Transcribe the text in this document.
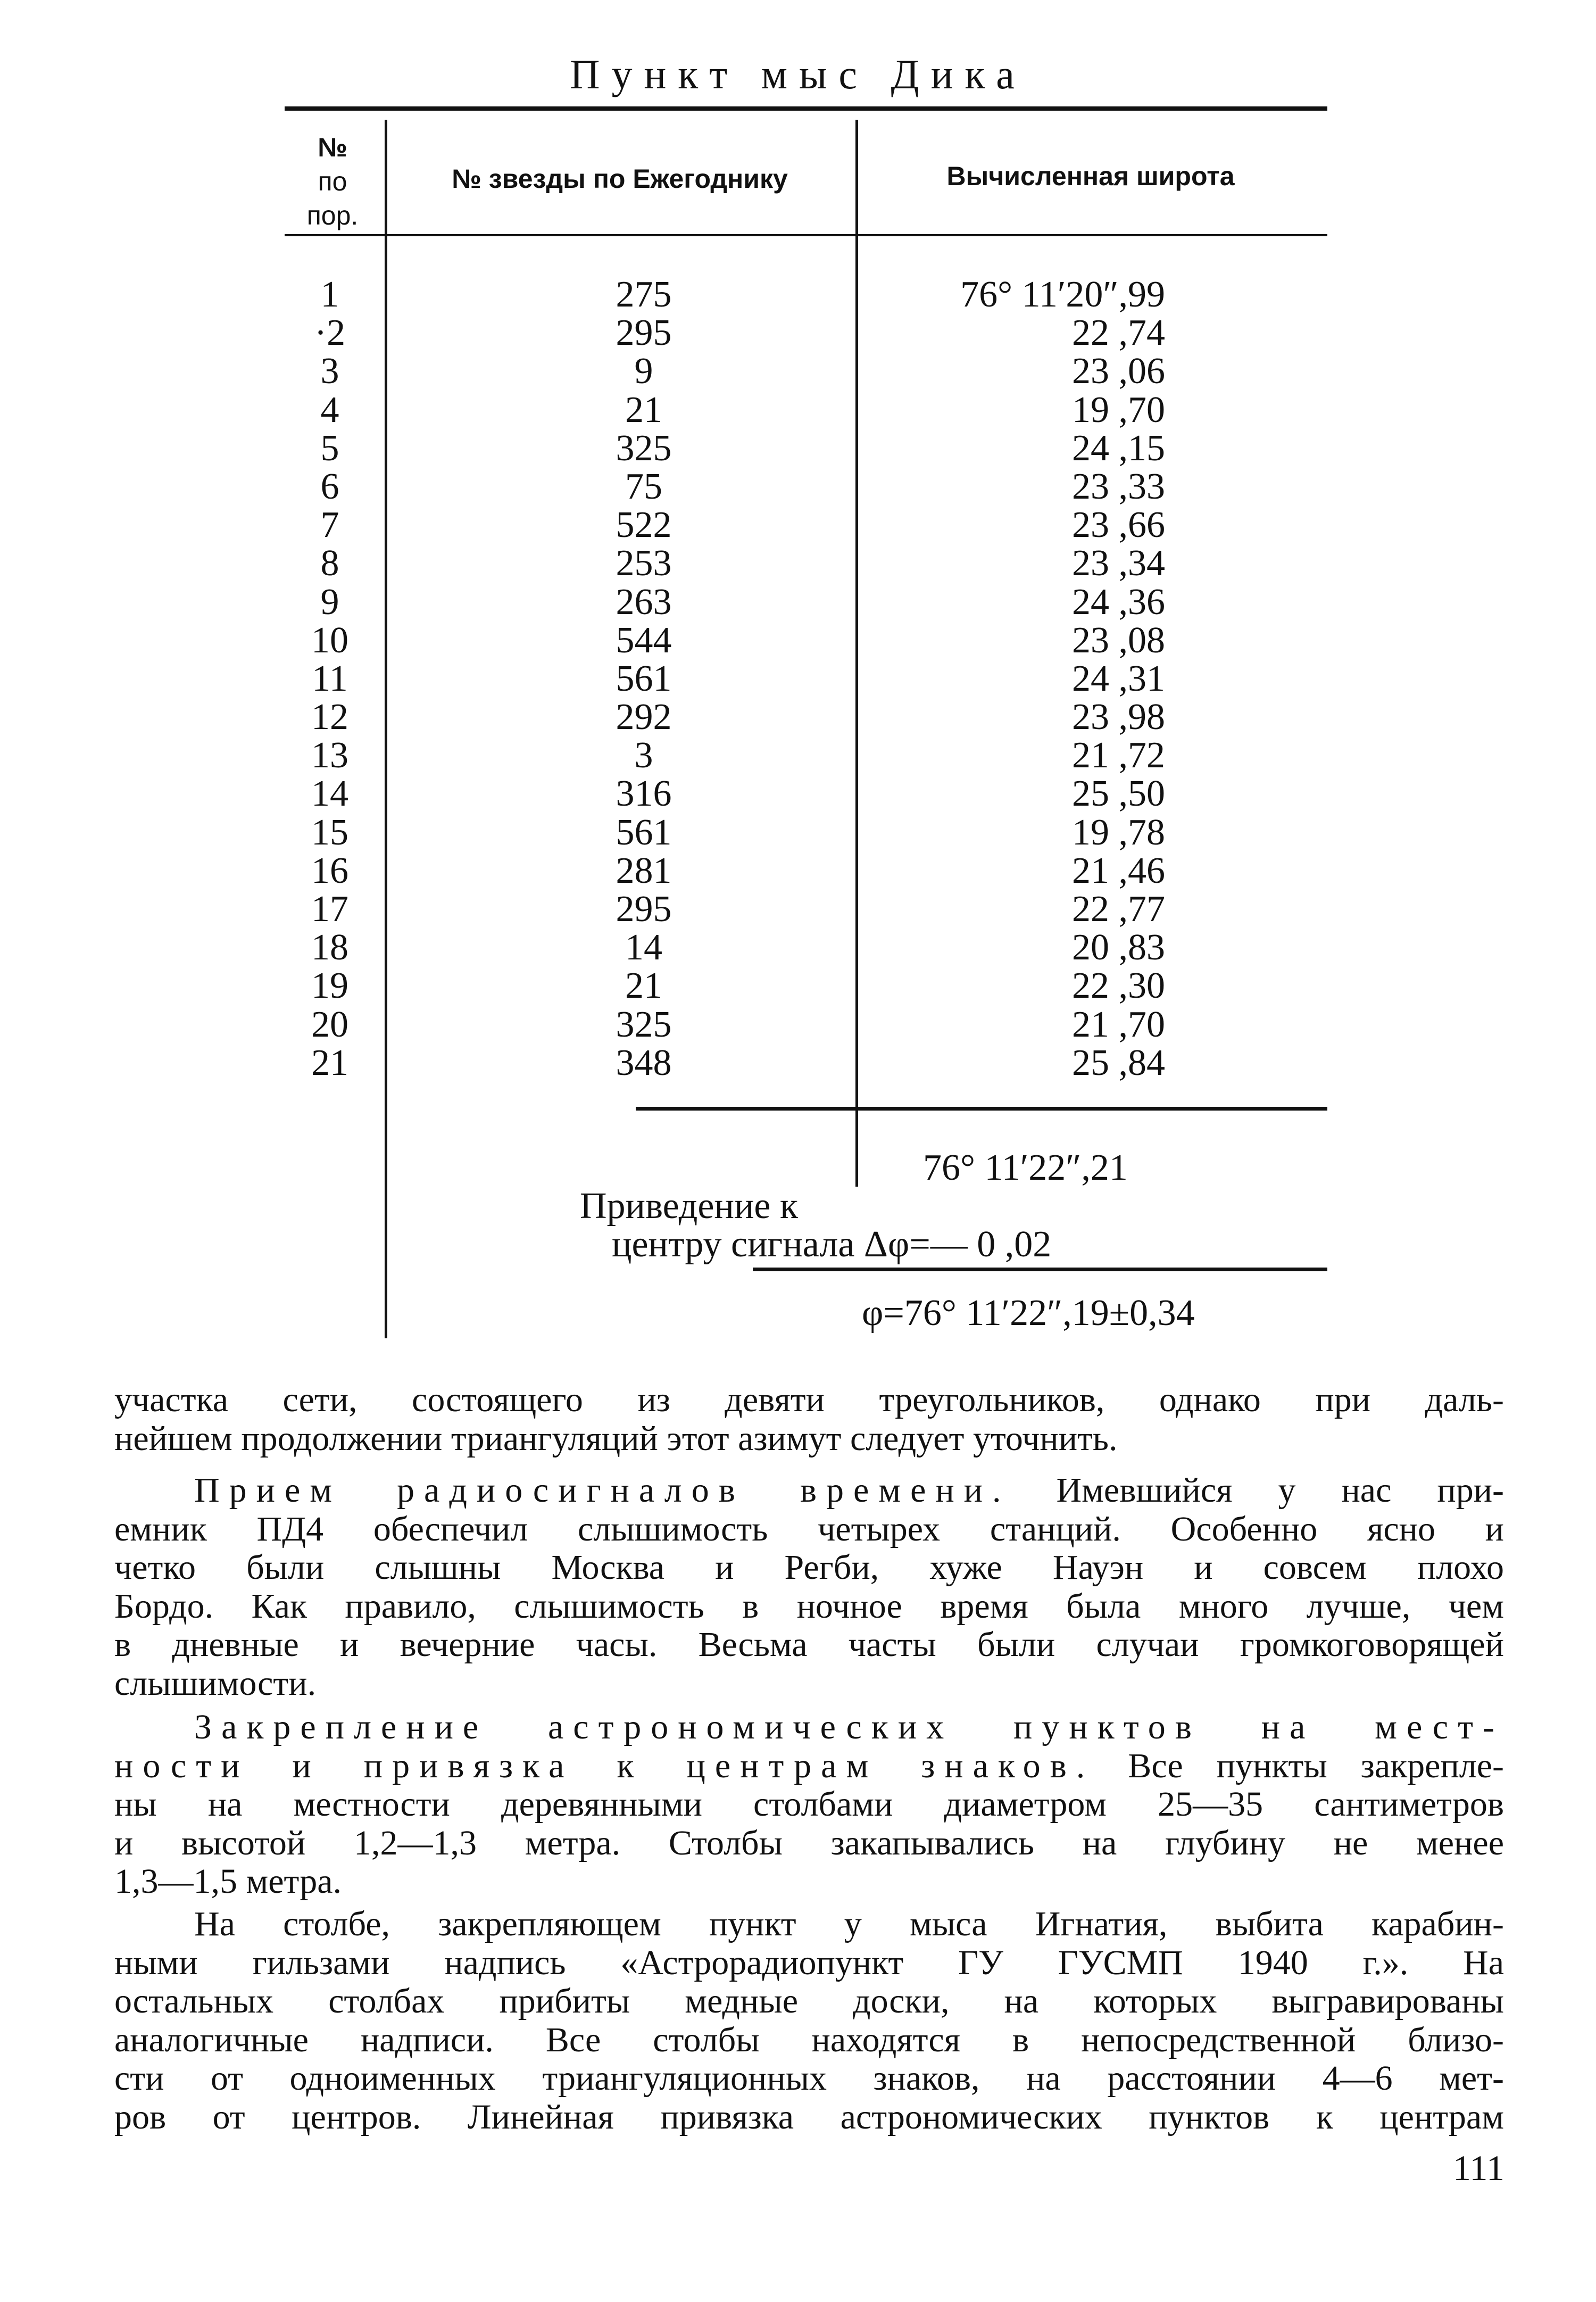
Пункт мыс Дика
№
по
пор.
№ звезды по Ежегоднику	Вычисленная широта
1
·2
3
4
5
6
7
8
9
10
11
12
13
14
15
16
17
18
19
20
21
275
295
9
21
325
75
522
253
263
544
561
292
3
316
561
281
295
14
21
325
348
76° 11′20″,99
22 ,74
23 ,06
19 ,70
24 ,15
23 ,33
23 ,66
23 ,34
24 ,36
23 ,08
24 ,31
23 ,98
21 ,72
25 ,50
19 ,78
21 ,46
22 ,77
20 ,83
22 ,30
21 ,70
25 ,84
76° 11′22″,21
Приведение к
центру сигнала Δφ=— 0 ,02
φ=76° 11′22″,19±0,34
участка сети, состоящего из девяти треугольников, однако при даль-
нейшем продолжении триангуляций этот азимут следует уточнить.
Прием радиосигналов времени. Имевшийся у нас при-
емник ПД4 обеспечил слышимость четырех станций. Особенно ясно и
четко были слышны Москва и Регби, хуже Науэн и совсем плохо
Бордо. Как правило, слышимость в ночное время была много лучше, чем
в дневные и вечерние часы. Весьма часты были случаи громкоговорящей
слышимости.
Закрепление астрономических пунктов на мест-
ности и привязка к центрам знаков. Все пункты закрепле-
ны на местности деревянными столбами диаметром 25—35 сантиметров
и высотой 1,2—1,3 метра. Столбы закапывались на глубину не менее
1,3—1,5 метра.
На столбе, закрепляющем пункт у мыса Игнатия, выбита карабин-
ными гильзами надпись «Астрорадиопункт ГУ ГУСМП 1940 г.». На
остальных столбах прибиты медные доски, на которых выгравированы
аналогичные надписи. Все столбы находятся в непосредственной близо-
сти от одноименных триангуляционных знаков, на расстоянии 4—6 мет-
ров от центров. Линейная привязка астрономических пунктов к центрам
111
